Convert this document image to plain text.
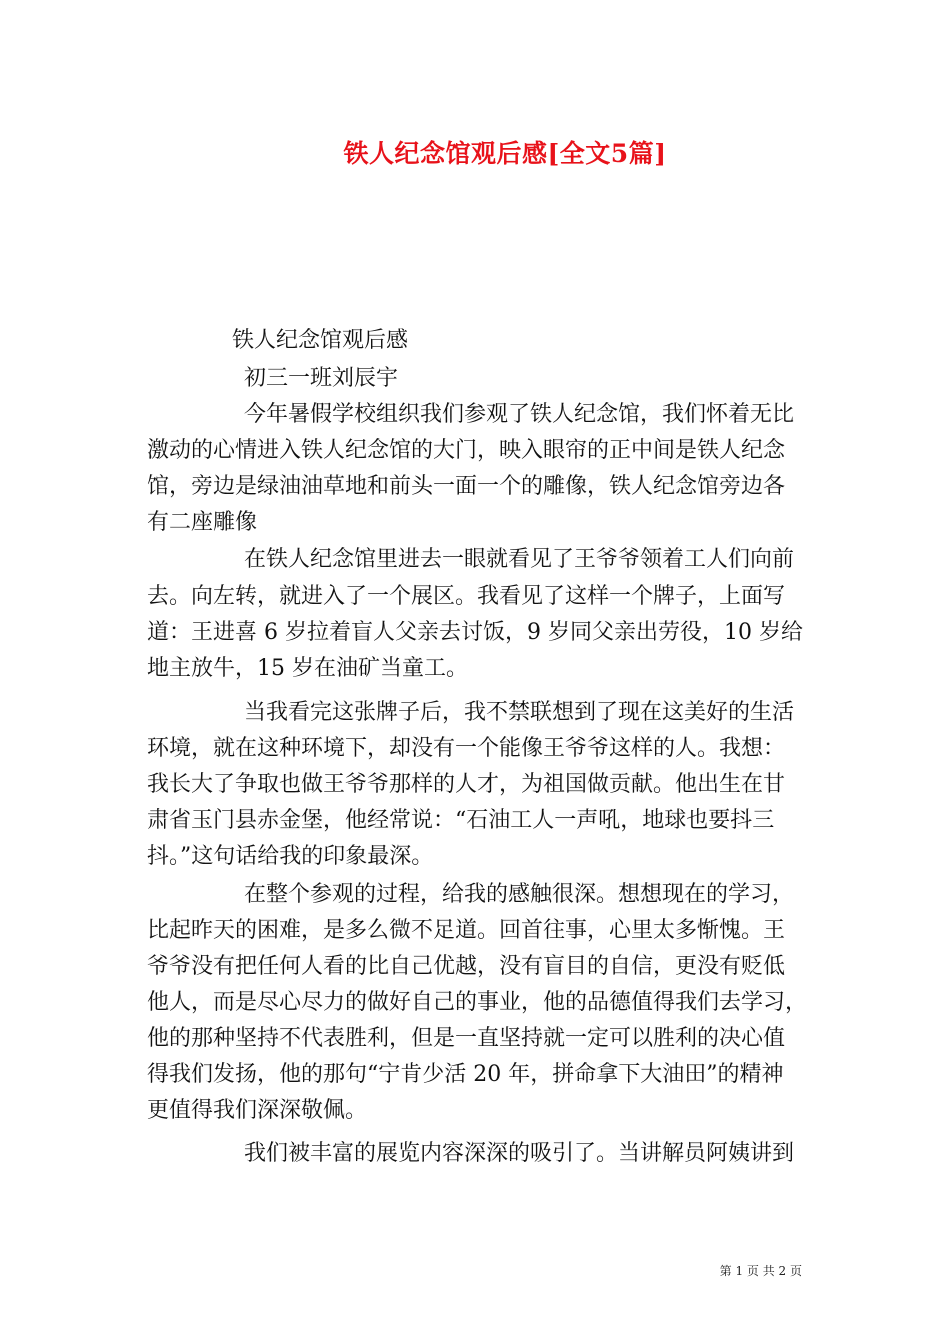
铁人纪念馆观后感[全文5篇]
铁人纪念馆观后感
初三一班刘辰宇
今年暑假学校组织我们参观了铁人纪念馆，我们怀着无比
激动的心情进入铁人纪念馆的大门，映入眼帘的正中间是铁人纪念
馆，旁边是绿油油草地和前头一面一个的雕像，铁人纪念馆旁边各
有二座雕像
在铁人纪念馆里进去一眼就看见了王爷爷领着工人们向前
去。向左转，就进入了一个展区。我看见了这样一个牌子，上面写
道：王进喜 6 岁拉着盲人父亲去讨饭，9 岁同父亲出劳役，10 岁给
地主放牛，15 岁在油矿当童工。
当我看完这张牌子后，我不禁联想到了现在这美好的生活
环境，就在这种环境下，却没有一个能像王爷爷这样的人。我想：
我长大了争取也做王爷爷那样的人才，为祖国做贡献。他出生在甘
肃省玉门县赤金堡，他经常说：“石油工人一声吼，地球也要抖三
抖。”这句话给我的印象最深。
在整个参观的过程，给我的感触很深。想想现在的学习，
比起昨天的困难，是多么微不足道。回首往事，心里太多惭愧。王
爷爷没有把任何人看的比自己优越，没有盲目的自信，更没有贬低
他人，而是尽心尽力的做好自己的事业，他的品德值得我们去学习，
他的那种坚持不代表胜利，但是一直坚持就一定可以胜利的决心值
得我们发扬，他的那句“宁肯少活 20 年，拼命拿下大油田”的精神
更值得我们深深敬佩。
我们被丰富的展览内容深深的吸引了。当讲解员阿姨讲到
第 1 页 共 2 页
